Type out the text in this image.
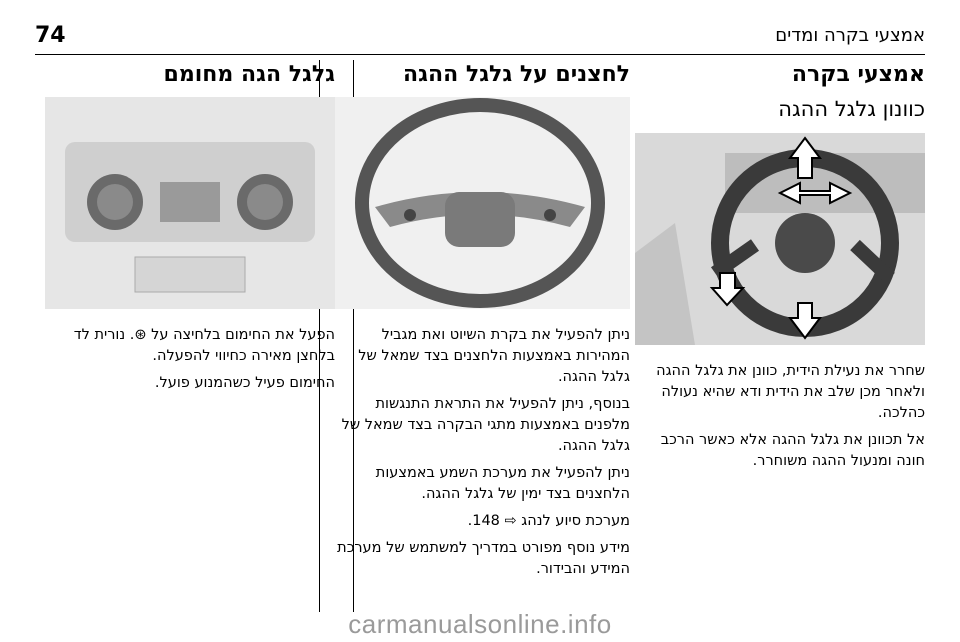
אמצעי בקרה ומדים
74
אמצעי בקרה
כוונון גלגל ההגה

שחרר את נעילת הידית, כוונן את גלגל ההגה ולאחר מכן שלב את הידית ודא שהיא נעולה כהלכה.

אל תכוונן את גלגל ההגה אלא כאשר הרכב חונה ומנעול ההגה משוחרר.

לחצנים על גלגל ההגה

ניתן להפעיל את בקרת השיוט ואת מגביל המהירות באמצעות הלחצנים בצד שמאל של גלגל ההגה.

בנוסף, ניתן להפעיל את התראת התנגשות מלפנים באמצעות מתגי הבקרה בצד שמאל של גלגל ההגה.

ניתן להפעיל את מערכת השמע באמצעות הלחצנים בצד ימין של גלגל ההגה.

מערכת סיוע לנהג ⇨ 148.

מידע נוסף מפורט במדריך למשתמש של מערכת המידע והבידור.

גלגל הגה מחומם

הפעל את החימום בלחיצה על ⊛. נורית לד בלחצן מאירה כחיווי להפעלה.

החימום פעיל כשהמנוע פועל.

carmanualsonline.info
